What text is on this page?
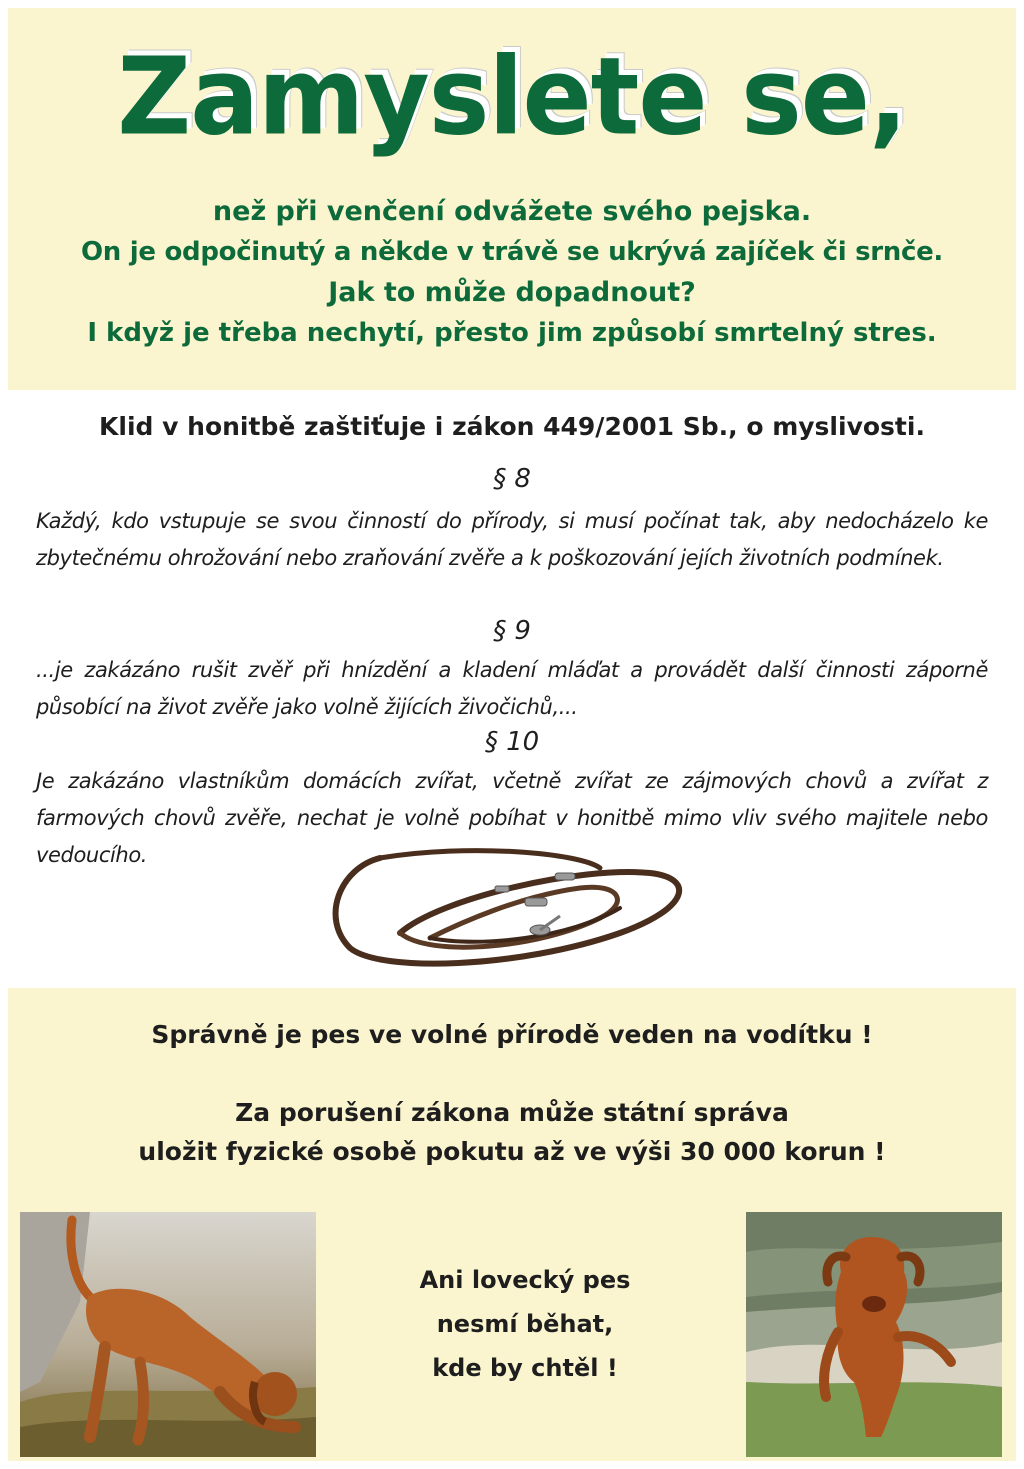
Zamyslete se,
než při venčení odvážete svého pejska.
On je odpočinutý a někde v trávě se ukrývá zajíček či srnče.
Jak to může dopadnout?
I když je třeba nechytí, přesto jim způsobí smrtelný stres.
Klid v honitbě zaštiťuje i zákon 449/2001 Sb., o myslivosti.
§ 8
Každý, kdo vstupuje se svou činností do přírody, si musí počínat tak, aby nedocházelo ke zbytečnému ohrožování nebo zraňování zvěře a k poškozování jejích životních podmínek.
§ 9
...je zakázáno rušit zvěř při hnízdění a kladení mláďat a provádět další činnosti záporně působící na život zvěře jako volně žijících živočichů,...
§ 10
Je zakázáno vlastníkům domácích zvířat, včetně zvířat ze zájmových chovů a zvířat z farmových chovů zvěře, nechat je volně pobíhat v honitbě mimo vliv svého majitele nebo vedoucího.
Správně je pes ve volné přírodě veden na vodítku !
Za porušení zákona může státní správa
uložit fyzické osobě pokutu až ve výši 30 000 korun !
Ani lovecký pes
nesmí běhat,
kde by chtěl !
